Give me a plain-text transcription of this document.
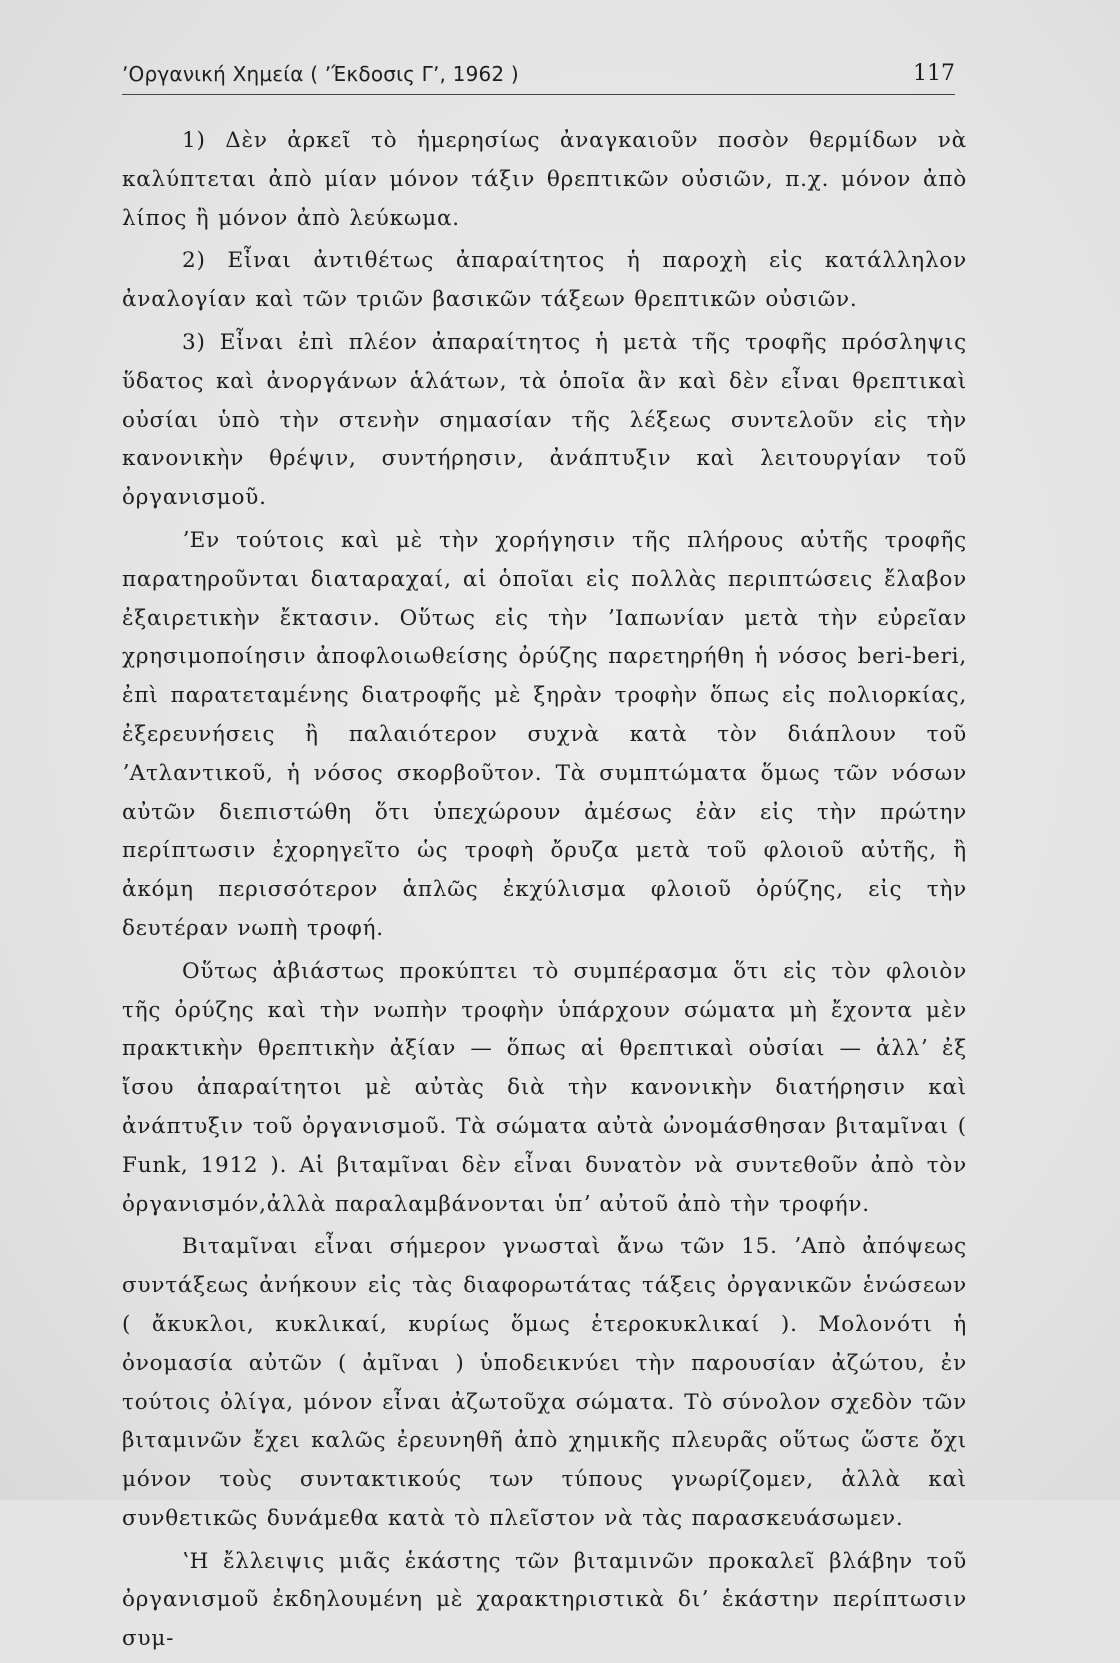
ʼΟργανική Χημεία ( ʼΈκδοσις Γʼ, 1962 )	117

1) Δὲν ἀρκεῖ τὸ ἡμερησίως ἀναγκαιοῦν ποσὸν θερμίδων νὰ καλύπτεται ἀπὸ μίαν μόνον τάξιν θρεπτικῶν οὐσιῶν, π.χ. μόνον ἀπὸ λίπος ἢ μόνον ἀπὸ λεύκωμα.

2) Εἶναι ἀντιθέτως ἀπαραίτητος ἡ παροχὴ εἰς κατάλληλον ἀναλογίαν καὶ τῶν τριῶν βασικῶν τάξεων θρεπτικῶν οὐσιῶν.

3) Εἶναι ἐπὶ πλέον ἀπαραίτητος ἡ μετὰ τῆς τροφῆς πρόσληψις ὕδατος καὶ ἀνοργάνων ἁλάτων, τὰ ὁποῖα ἂν καὶ δὲν εἶναι θρεπτικαὶ οὐσίαι ὑπὸ τὴν στενὴν σημασίαν τῆς λέξεως συντελοῦν εἰς τὴν κανονικὴν θρέψιν, συντήρησιν, ἀνάπτυξιν καὶ λειτουργίαν τοῦ ὀργανισμοῦ.

ʼΕν τούτοις καὶ μὲ τὴν χορήγησιν τῆς πλήρους αὐτῆς τροφῆς παρατηροῦνται διαταραχαί, αἱ ὁποῖαι εἰς πολλὰς περιπτώσεις ἔλαβον ἐξαιρετικὴν ἔκτασιν. Οὕτως εἰς τὴν ʼΙαπωνίαν μετὰ τὴν εὐρεῖαν χρησιμοποίησιν ἀποφλοιωθείσης ὀρύζης παρετηρήθη ἡ νόσος beri-beri, ἐπὶ παρατεταμένης διατροφῆς μὲ ξηρὰν τροφὴν ὅπως εἰς πολιορκίας, ἐξερευνήσεις ἢ παλαιότερον συχνὰ κατὰ τὸν διάπλουν τοῦ ʼΑτλαντικοῦ, ἡ νόσος σκορβοῦτον. Τὰ συμπτώματα ὅμως τῶν νόσων αὐτῶν διεπιστώθη ὅτι ὑπεχώρουν ἀμέσως ἐὰν εἰς τὴν πρώτην περίπτωσιν ἐχορηγεῖτο ὡς τροφὴ ὄρυζα μετὰ τοῦ φλοιοῦ αὐτῆς, ἢ ἀκόμη περισσότερον ἁπλῶς ἐκχύλισμα φλοιοῦ ὀρύζης, εἰς τὴν δευτέραν νωπὴ τροφή.

Οὕτως ἀβιάστως προκύπτει τὸ συμπέρασμα ὅτι εἰς τὸν φλοιὸν τῆς ὀρύζης καὶ τὴν νωπὴν τροφὴν ὑπάρχουν σώματα μὴ ἔχοντα μὲν πρακτικὴν θρεπτικὴν ἀξίαν — ὅπως αἱ θρεπτικαὶ οὐσίαι — ἀλλʼ ἐξ ἴσου ἀπαραίτητοι μὲ αὐτὰς διὰ τὴν κανονικὴν διατήρησιν καὶ ἀνάπτυξιν τοῦ ὀργανισμοῦ. Τὰ σώματα αὐτὰ ὠνομάσθησαν βιταμῖναι ( Funk, 1912 ). Αἱ βιταμῖναι δὲν εἶναι δυνατὸν νὰ συντεθοῦν ἀπὸ τὸν ὀργανισμόν,ἀλλὰ παραλαμβάνονται ὑπʼ αὐτοῦ ἀπὸ τὴν τροφήν.

Βιταμῖναι εἶναι σήμερον γνωσταὶ ἄνω τῶν 15. ʼΑπὸ ἀπόψεως συντάξεως ἀνήκουν εἰς τὰς διαφορωτάτας τάξεις ὀργανικῶν ἑνώσεων ( ἄκυκλοι, κυκλικαί, κυρίως ὅμως ἑτεροκυκλικαί ). Μολονότι ἡ ὀνομασία αὐτῶν ( ἀμῖναι ) ὑποδεικνύει τὴν παρουσίαν ἀζώτου, ἐν τούτοις ὀλίγα, μόνον εἶναι ἀζωτοῦχα σώματα. Τὸ σύνολον σχεδὸν τῶν βιταμινῶν ἔχει καλῶς ἐρευνηθῆ ἀπὸ χημικῆς πλευρᾶς οὕτως ὥστε ὄχι μόνον τοὺς συντακτικούς των τύπους γνωρίζομεν, ἀλλὰ καὶ συνθετικῶς δυνάμεθα κατὰ τὸ πλεῖστον νὰ τὰς παρασκευάσωμεν.

ʽΗ ἔλλειψις μιᾶς ἑκάστης τῶν βιταμινῶν προκαλεῖ βλάβην τοῦ ὀργανισμοῦ ἐκδηλουμένη μὲ χαρακτηριστικὰ διʼ ἑκάστην περίπτωσιν συμ-
